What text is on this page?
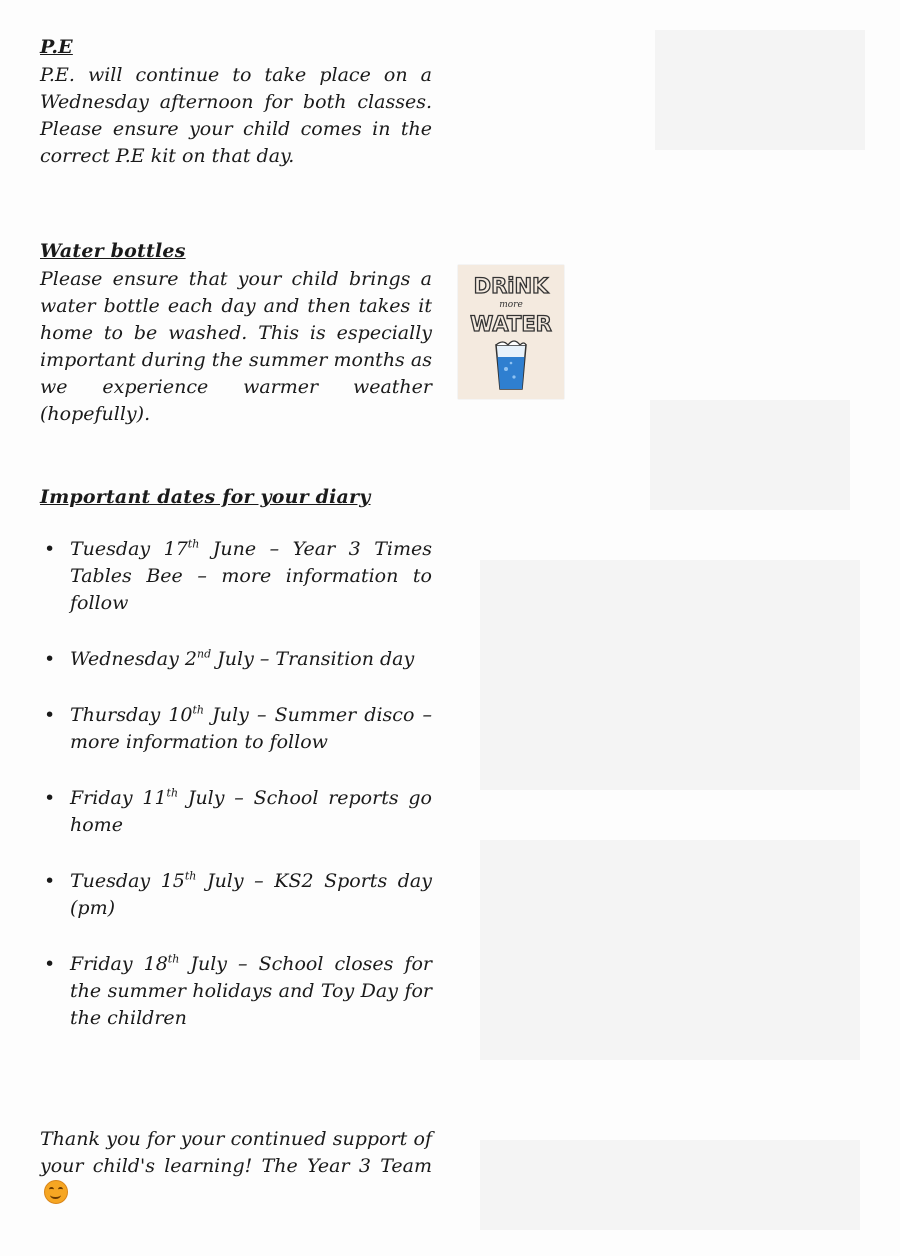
P.E

P.E. will continue to take place on a Wednesday afternoon for both classes. Please ensure your child comes in the correct P.E kit on that day.

Water bottles

Please ensure that your child brings a water bottle each day and then takes it home to be washed. This is especially important during the summer months as we experience warmer weather (hopefully).

DRiNK
more
WATER
Important dates for your diary
• Tuesday 17th June – Year 3 Times Tables Bee – more information to follow
• Wednesday 2nd July – Transition day
• Thursday 10th July – Summer disco – more information to follow
• Friday 11th July – School reports go home
• Tuesday 15th July – KS2 Sports day (pm)
• Friday 18th July – School closes for the summer holidays and Toy Day for the children

Thank you for your continued support of your child's learning! The Year 3 Team
